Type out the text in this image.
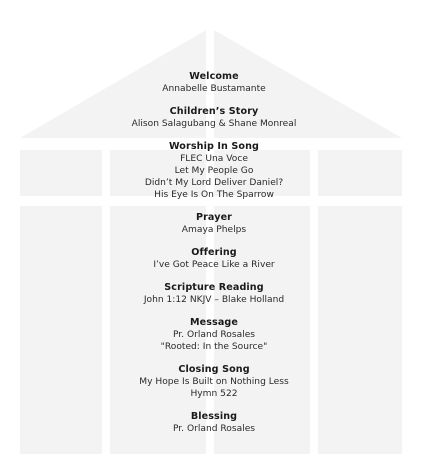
Welcome
Annabelle Bustamante
Children’s Story
Alison Salagubang & Shane Monreal
Worship In Song
FLEC Una Voce
Let My People Go
Didn’t My Lord Deliver Daniel?
His Eye Is On The Sparrow
Prayer
Amaya Phelps
Offering
I’ve Got Peace Like a River
Scripture Reading
John 1:12 NKJV – Blake Holland
Message
Pr. Orland Rosales
"Rooted: In the Source"
Closing Song
My Hope Is Built on Nothing Less
Hymn 522
Blessing
Pr. Orland Rosales
